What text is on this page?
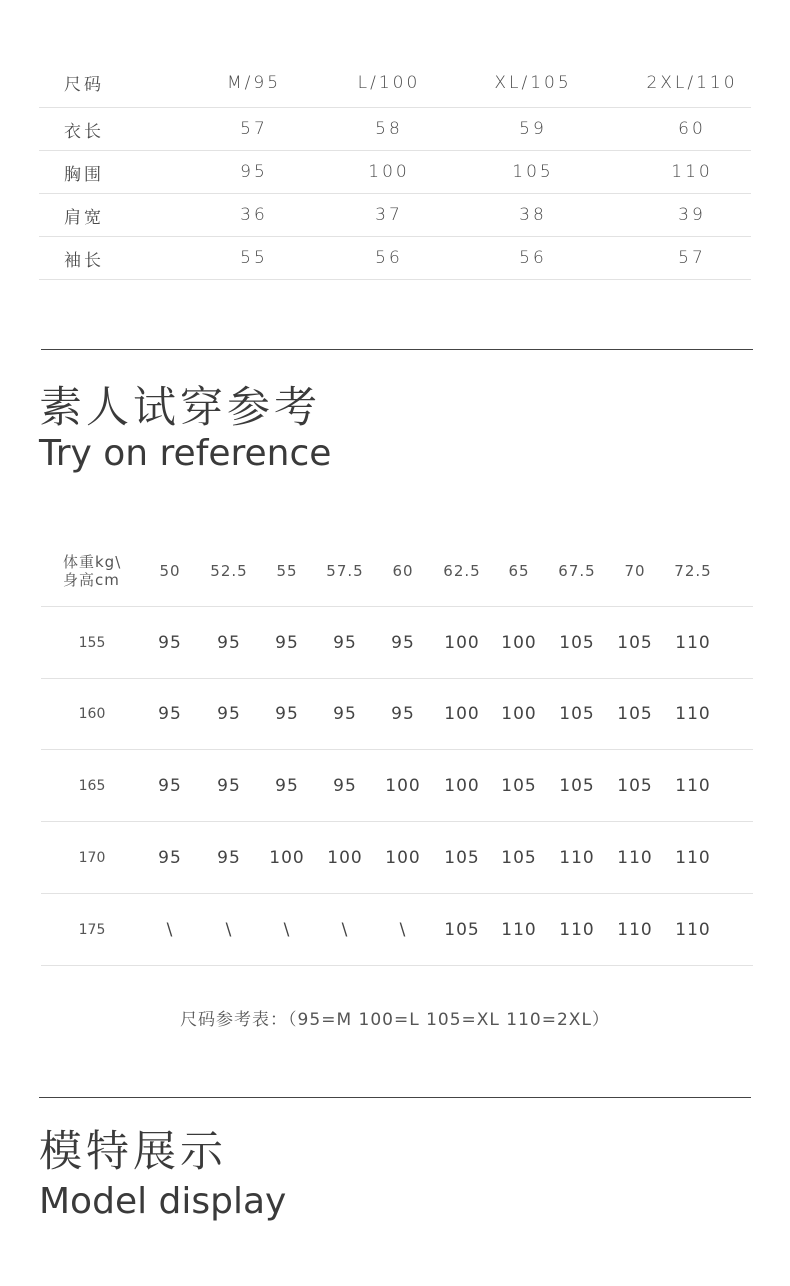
尺码	M/95	L/100	XL/105	2XL/110
衣长	57	58	59	60
胸围	95	100	105	110
肩宽	36	37	38	39
袖长	55	56	56	57
素人试穿参考
Try on reference
体重kg\
身高cm	50	52.5	55	57.5	60	62.5	65	67.5	70	72.5
155	95	95	95	95	95	100	100	105	105	110
160	95	95	95	95	95	100	100	105	105	110
165	95	95	95	95	100	100	105	105	105	110
170	95	95	100	100	100	105	105	110	110	110
175	\	\	\	\	\	105	110	110	110	110
尺码参考表：（95=M 100=L 105=XL 110=2XL）
模特展示
Model display
